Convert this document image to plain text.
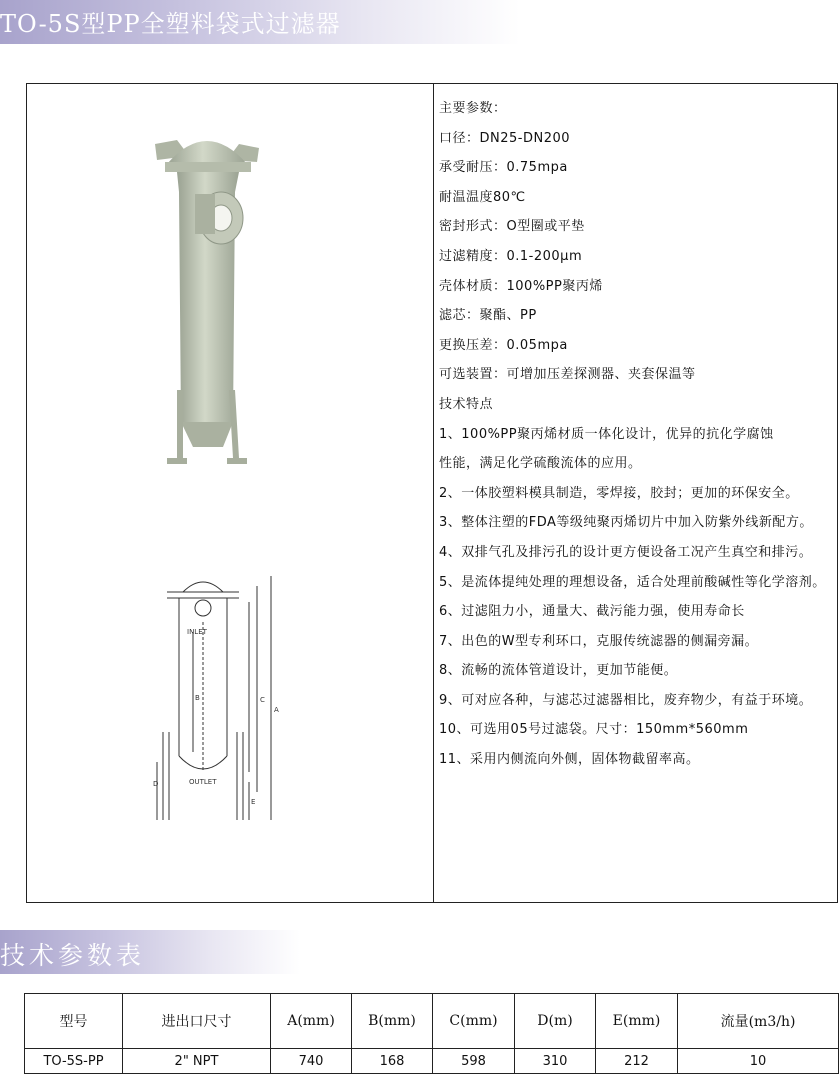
TO-5S型PP全塑料袋式过滤器
INLET
OUTLET
A
B	C
D
E
主要参数：
口径：DN25-DN200
承受耐压：0.75mpa
耐温温度80℃
密封形式：O型圈或平垫
过滤精度：0.1-200μm
壳体材质：100%PP聚丙烯
滤芯：聚酯、PP
更换压差：0.05mpa
可选装置：可增加压差探测器、夹套保温等
技术特点
1、100%PP聚丙烯材质一体化设计，优异的抗化学腐蚀
性能，满足化学硫酸流体的应用。
2、一体胶塑料模具制造，零焊接，胶封；更加的环保安全。
3、整体注塑的FDA等级纯聚丙烯切片中加入防紫外线新配方。
4、双排气孔及排污孔的设计更方便设备工况产生真空和排污。
5、是流体提纯处理的理想设备，适合处理前酸碱性等化学溶剂。
6、过滤阻力小，通量大、截污能力强，使用寿命长
7、出色的W型专利环口，克服传统滤器的侧漏旁漏。
8、流畅的流体管道设计，更加节能便。
9、可对应各种，与滤芯过滤器相比，废弃物少，有益于环境。
10、可选用05号过滤袋。尺寸：150mm*560mm
11、采用内侧流向外侧，固体物截留率高。
技术参数表
型号	进出口尺寸	A(mm)	B(mm)	C(mm)	D(m)	E(mm)	流量(m3/h)
TO-5S-PP	2" NPT	740	168	598	310	212	10
